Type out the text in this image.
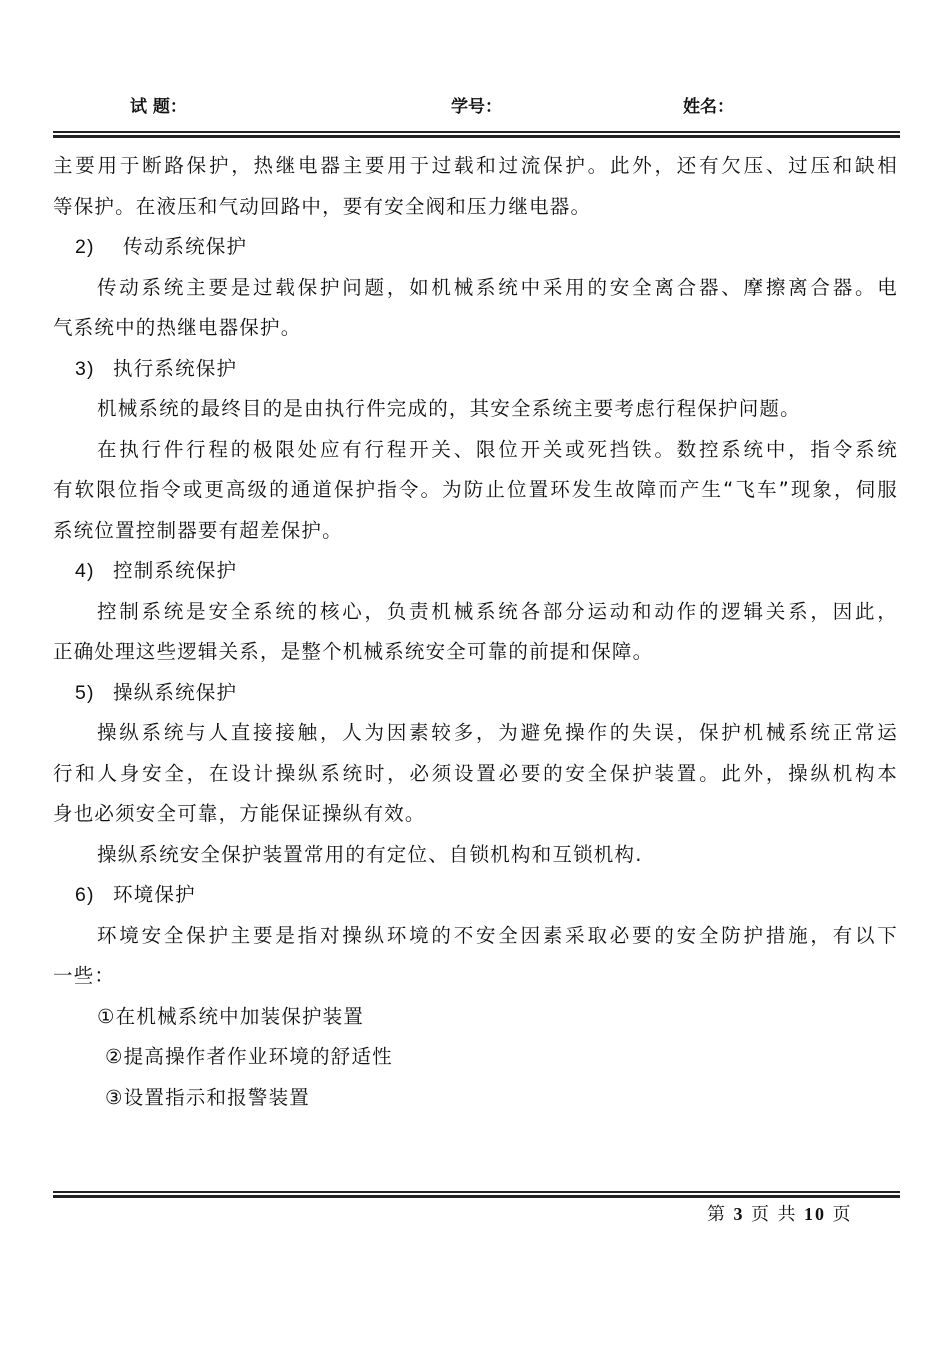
试 题：	学号：	姓名：
主要用于断路保护，热继电器主要用于过载和过流保护。此外，还有欠压、过压和缺相
等保护。在液压和气动回路中，要有安全阀和压力继电器。
2) 传动系统保护
传动系统主要是过载保护问题，如机械系统中采用的安全离合器、摩擦离合器。电
气系统中的热继电器保护。
3) 执行系统保护
机械系统的最终目的是由执行件完成的，其安全系统主要考虑行程保护问题。
在执行件行程的极限处应有行程开关、限位开关或死挡铁。数控系统中，指令系统
有软限位指令或更高级的通道保护指令。为防止位置环发生故障而产生“飞车”现象，伺服
系统位置控制器要有超差保护。
4) 控制系统保护
控制系统是安全系统的核心，负责机械系统各部分运动和动作的逻辑关系，因此，
正确处理这些逻辑关系，是整个机械系统安全可靠的前提和保障。
5) 操纵系统保护
操纵系统与人直接接触，人为因素较多，为避免操作的失误，保护机械系统正常运
行和人身安全，在设计操纵系统时，必须设置必要的安全保护装置。此外，操纵机构本
身也必须安全可靠，方能保证操纵有效。
操纵系统安全保护装置常用的有定位、自锁机构和互锁机构.
6) 环境保护
环境安全保护主要是指对操纵环境的不安全因素采取必要的安全防护措施，有以下
一些：
①在机械系统中加装保护装置
②提高操作者作业环境的舒适性
③设置指示和报警装置
第 3 页 共 10 页
